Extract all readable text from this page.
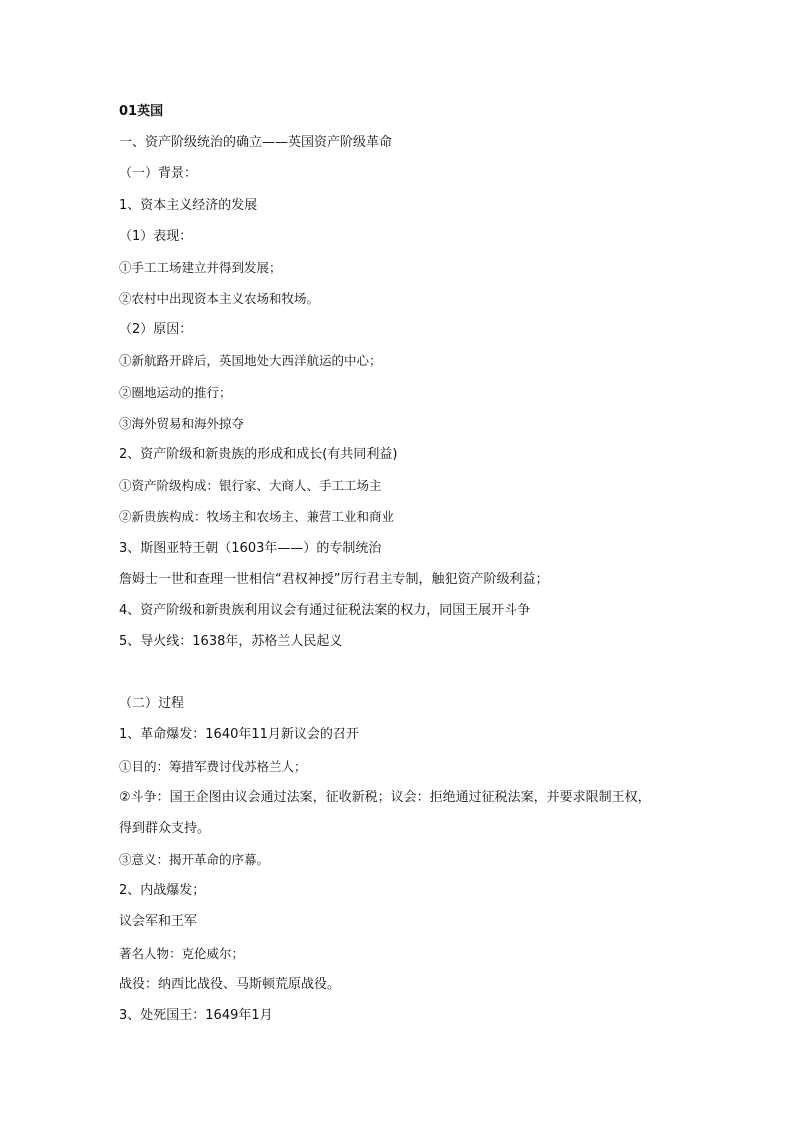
01英国
一、资产阶级统治的确立——英国资产阶级革命
（一）背景：
1、资本主义经济的发展
（1）表现：
①手工工场建立并得到发展；
②农村中出现资本主义农场和牧场。
（2）原因：
①新航路开辟后，英国地处大西洋航运的中心；
②圈地运动的推行；
③海外贸易和海外掠夺
2、资产阶级和新贵族的形成和成长(有共同利益)
①资产阶级构成：银行家、大商人、手工工场主
②新贵族构成：牧场主和农场主、兼营工业和商业
3、斯图亚特王朝（1603年——）的专制统治
詹姆士一世和查理一世相信“君权神授”厉行君主专制，触犯资产阶级利益；
4、资产阶级和新贵族利用议会有通过征税法案的权力，同国王展开斗争
5、导火线：1638年，苏格兰人民起义
（二）过程
1、革命爆发：1640年11月新议会的召开
①目的：筹措军费讨伐苏格兰人；
②斗争：国王企图由议会通过法案，征收新税；议会：拒绝通过征税法案，并要求限制王权，
得到群众支持。
③意义：揭开革命的序幕。
2、内战爆发；
议会军和王军
著名人物：克伦威尔；
战役：纳西比战役、马斯顿荒原战役。
3、处死国王：1649年1月
